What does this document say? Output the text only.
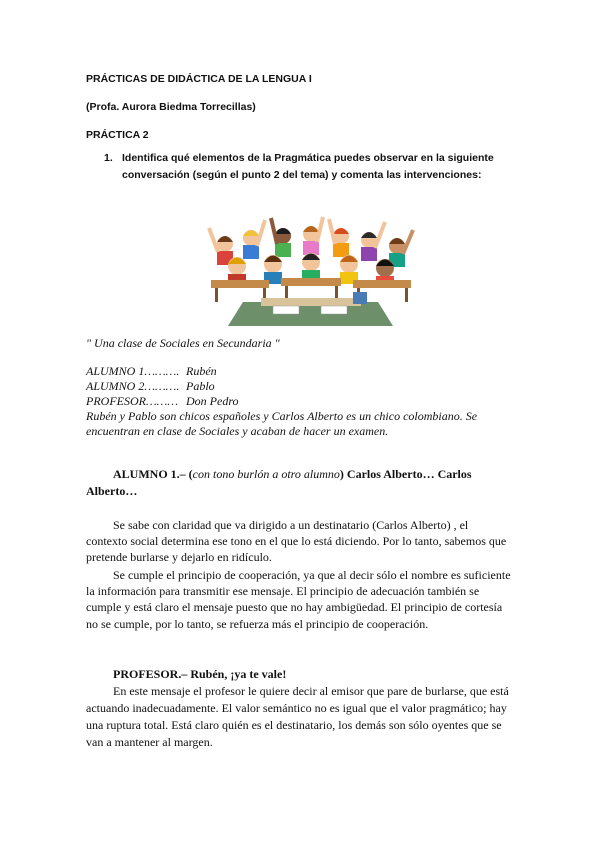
PRÁCTICAS DE DIDÁCTICA DE LA LENGUA I
(Profa. Aurora Biedma Torrecillas)
PRÁCTICA 2
1. Identifica qué elementos de la Pragmática puedes observar en la siguiente
conversación (según el punto 2 del tema) y comenta las intervenciones:
" Una clase de Sociales en Secundaria "
ALUMNO 1………. Rubén
ALUMNO 2………. Pablo
PROFESOR……… Don Pedro
Rubén y Pablo son chicos españoles y Carlos Alberto es un chico colombiano. Se
encuentran en clase de Sociales y acaban de hacer un examen.
ALUMNO 1.– (con tono burlón a otro alumno) Carlos Alberto… Carlos
Alberto…
Se sabe con claridad que va dirigido a un destinatario (Carlos Alberto) , el
contexto social determina ese tono en el que lo está diciendo. Por lo tanto, sabemos que
pretende burlarse y dejarlo en ridículo.
Se cumple el principio de cooperación, ya que al decir sólo el nombre es suficiente
la información para transmitir ese mensaje. El principio de adecuación también se
cumple y está claro el mensaje puesto que no hay ambigüedad. El principio de cortesía
no se cumple, por lo tanto, se refuerza más el principio de cooperación.
PROFESOR.– Rubén, ¡ya te vale!
En este mensaje el profesor le quiere decir al emisor que pare de burlarse, que está
actuando inadecuadamente. El valor semántico no es igual que el valor pragmático; hay
una ruptura total. Está claro quién es el destinatario, los demás son sólo oyentes que se
van a mantener al margen.
